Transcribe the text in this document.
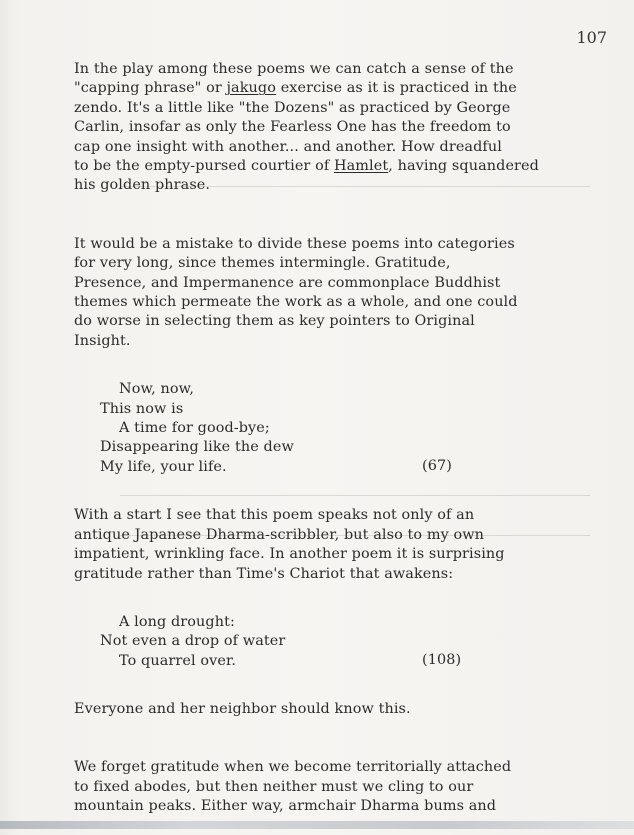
107

In the play among these poems we can catch a sense of the
"capping phrase" or jakugo exercise as it is practiced in the
zendo. It's a little like "the Dozens" as practiced by George
Carlin, insofar as only the Fearless One has the freedom to
cap one insight with another... and another. How dreadful
to be the empty-pursed courtier of Hamlet, having squandered
his golden phrase.

It would be a mistake to divide these poems into categories
for very long, since themes intermingle. Gratitude,
Presence, and Impermanence are commonplace Buddhist
themes which permeate the work as a whole, and one could
do worse in selecting them as key pointers to Original
Insight.

Now, now,
This now is
A time for good-bye;
Disappearing like the dew
My life, your life.	(67)

With a start I see that this poem speaks not only of an
antique Japanese Dharma-scribbler, but also to my own
impatient, wrinkling face. In another poem it is surprising
gratitude rather than Time's Chariot that awakens:

A long drought:
Not even a drop of water
To quarrel over.	(108)

Everyone and her neighbor should know this.

We forget gratitude when we become territorially attached
to fixed abodes, but then neither must we cling to our
mountain peaks. Either way, armchair Dharma bums and
